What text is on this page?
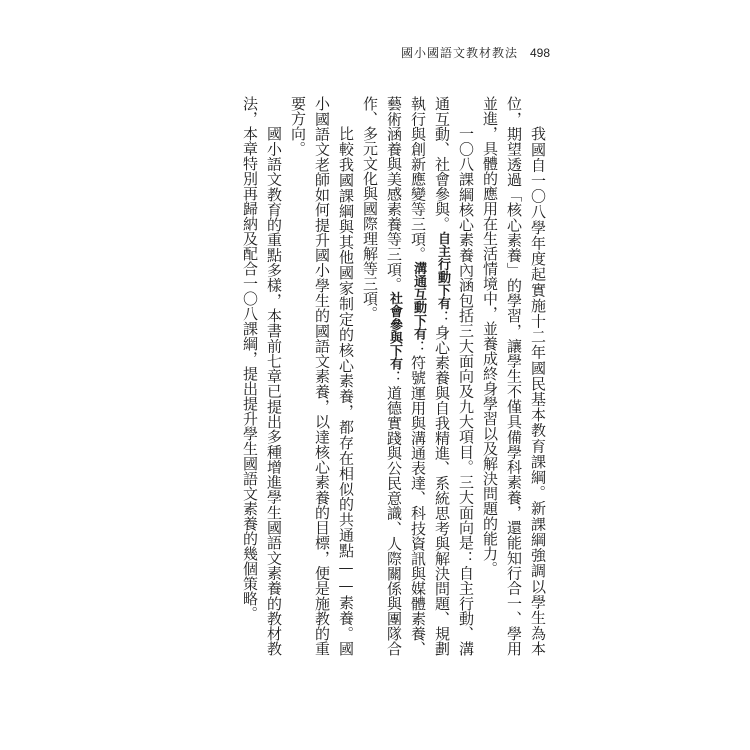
國小國語文教材教法 498

我國自一〇八學年度起實施十二年國民基本教育課綱。新課綱強調以學生為本位，期望透過「核心素養」的學習，讓學生不僅具備學科素養，還能知行合一、學用並進，具體的應用在生活情境中，並養成終身學習以及解決問題的能力。

一〇八課綱核心素養內涵包括三大面向及九大項目。三大面向是：自主行動、溝通互動、社會參與。自主行動下有：身心素養與自我精進、系統思考與解決問題、規劃執行與創新應變等三項。溝通互動下有：符號運用與溝通表達、科技資訊與媒體素養、藝術涵養與美感素養等三項。社會參與下有：道德實踐與公民意識、人際關係與團隊合作、多元文化與國際理解等三項。

比較我國課綱與其他國家制定的核心素養，都存在相似的共通點——素養。國小國語文老師如何提升國小學生的國語文素養，以達核心素養的目標，便是施教的重要方向。

國小語文教育的重點多樣，本書前七章已提出多種增進學生國語文素養的教材教法，本章特別再歸納及配合一〇八課綱，提出提升學生國語文素養的幾個策略。
